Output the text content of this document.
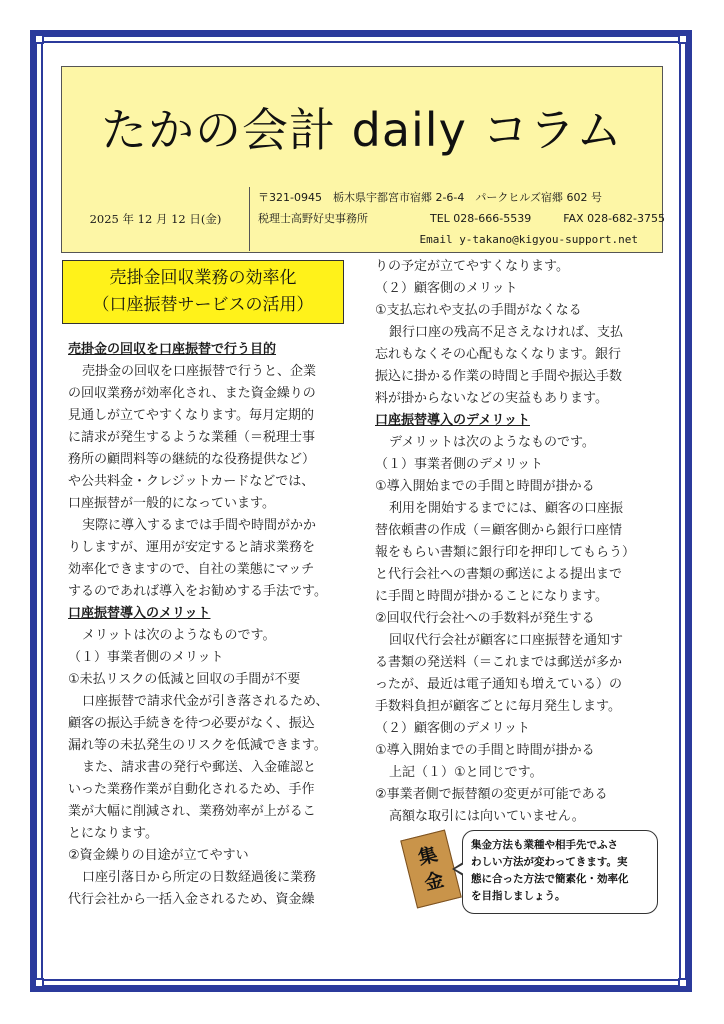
たかの会計 daily コラム
2025 年 12 月 12 日(金)
〒321-0945　栃木県宇都宮市宿郷 2-6-4　パークヒルズ宿郷 602 号
税理士高野好史事務所	TEL 028-666-5539	FAX 028-682-3755
Email y-takano@kigyou-support.net
売掛金回収業務の効率化
（口座振替サービスの活用）

売掛金の回収を口座振替で行う目的

売掛金の回収を口座振替で行うと、企業

の回収業務が効率化され、また資金繰りの

見通しが立てやすくなります。毎月定期的

に請求が発生するような業種（＝税理士事

務所の顧問料等の継続的な役務提供など）

や公共料金・クレジットカードなどでは、

口座振替が一般的になっています。

実際に導入するまでは手間や時間がかか

りしますが、運用が安定すると請求業務を

効率化できますので、自社の業態にマッチ

するのであれば導入をお勧めする手法です。

口座振替導入のメリット

メリットは次のようなものです。

（１）事業者側のメリット

①未払リスクの低減と回収の手間が不要

口座振替で請求代金が引き落されるため、

顧客の振込手続きを待つ必要がなく、振込

漏れ等の未払発生のリスクを低減できます。

また、請求書の発行や郵送、入金確認と

いった業務作業が自動化されるため、手作

業が大幅に削減され、業務効率が上がるこ

とになります。

②資金繰りの目途が立てやすい

口座引落日から所定の日数経過後に業務

代行会社から一括入金されるため、資金繰

りの予定が立てやすくなります。

（２）顧客側のメリット

①支払忘れや支払の手間がなくなる

銀行口座の残高不足さえなければ、支払

忘れもなくその心配もなくなります。銀行

振込に掛かる作業の時間と手間や振込手数

料が掛からないなどの実益もあります。

口座振替導入のデメリット

デメリットは次のようなものです。

（１）事業者側のデメリット

①導入開始までの手間と時間が掛かる

利用を開始するまでには、顧客の口座振

替依頼書の作成（＝顧客側から銀行口座情

報をもらい書類に銀行印を押印してもらう）

と代行会社への書類の郵送による提出まで

に手間と時間が掛かることになります。

②回収代行会社への手数料が発生する

回収代行会社が顧客に口座振替を通知す

る書類の発送料（＝これまでは郵送が多か

ったが、最近は電子通知も増えている）の

手数料負担が顧客ごとに毎月発生します。

（２）顧客側のデメリット

①導入開始までの手間と時間が掛かる

上記（１）①と同じです。

②事業者側で振替額の変更が可能である

高額な取引には向いていません。

集
金

集金方法も業種や相手先でふさ

わしい方法が変わってきます。実

態に合った方法で簡素化・効率化

を目指しましょう。
